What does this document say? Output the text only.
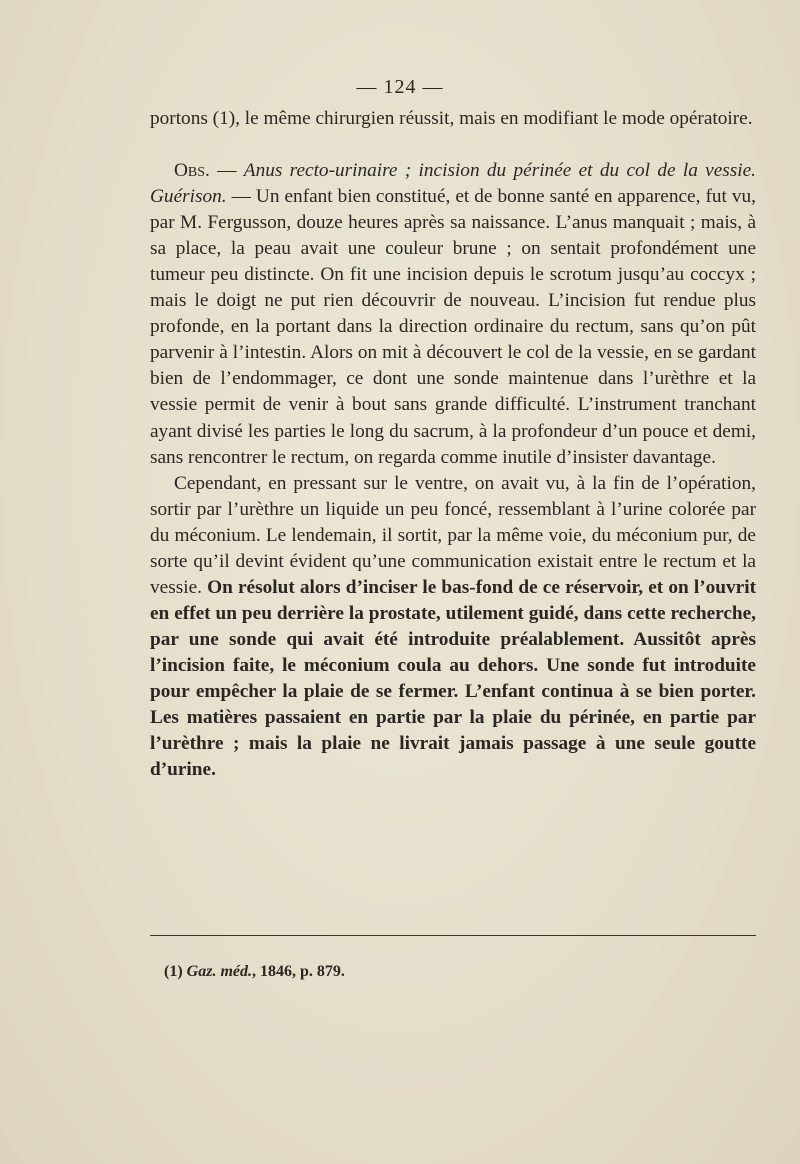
— 124 —

portons (1), le même chirurgien réussit, mais en modifiant le mode opératoire.

Obs. — Anus recto-urinaire ; incision du périnée et du col de la vessie. Guérison. — Un enfant bien constitué, et de bonne santé en apparence, fut vu, par M. Fergusson, douze heures après sa naissance. L’anus manquait ; mais, à sa place, la peau avait une couleur brune ; on sentait profondément une tumeur peu distincte. On fit une incision depuis le scrotum jusqu’au coccyx ; mais le doigt ne put rien découvrir de nouveau. L’incision fut rendue plus profonde, en la portant dans la direction ordinaire du rectum, sans qu’on pût parvenir à l’intestin. Alors on mit à découvert le col de la vessie, en se gardant bien de l’endommager, ce dont une sonde maintenue dans l’urèthre et la vessie permit de venir à bout sans grande difficulté. L’instrument tranchant ayant divisé les parties le long du sacrum, à la profondeur d’un pouce et demi, sans rencontrer le rectum, on regarda comme inutile d’insister davantage.

Cependant, en pressant sur le ventre, on avait vu, à la fin de l’opération, sortir par l’urèthre un liquide un peu foncé, ressemblant à l’urine colorée par du méconium. Le lendemain, il sortit, par la même voie, du méconium pur, de sorte qu’il devint évident qu’une communication existait entre le rectum et la vessie. On résolut alors d’inciser le bas-fond de ce réservoir, et on l’ouvrit en effet un peu derrière la prostate, utilement guidé, dans cette recherche, par une sonde qui avait été introduite préalablement. Aussitôt après l’incision faite, le méconium coula au dehors. Une sonde fut introduite pour empêcher la plaie de se fermer. L’enfant continua à se bien porter. Les matières passaient en partie par la plaie du périnée, en partie par l’urèthre ; mais la plaie ne livrait jamais passage à une seule goutte d’urine.

(1) Gaz. méd., 1846, p. 879.
